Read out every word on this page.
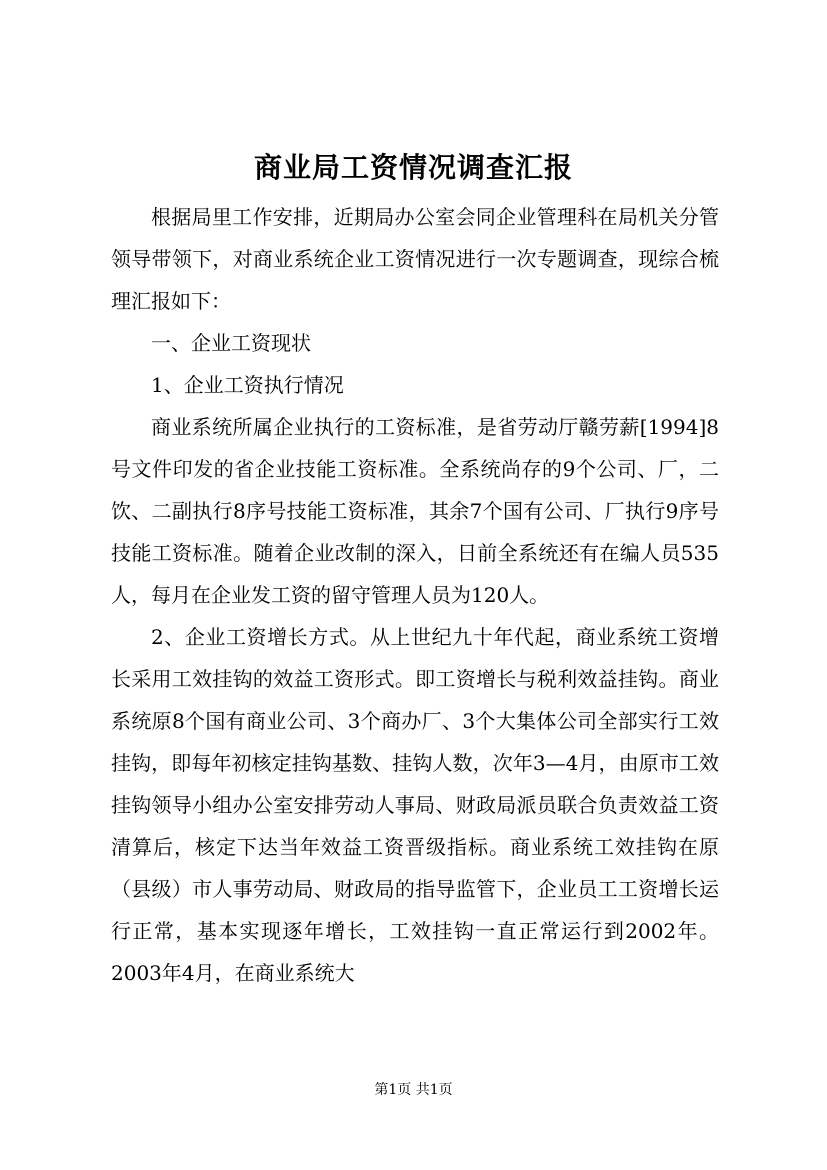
商业局工资情况调查汇报

根据局里工作安排，近期局办公室会同企业管理科在局机关分管领导带领下，对商业系统企业工资情况进行一次专题调查，现综合梳理汇报如下：

一、企业工资现状

1、企业工资执行情况

商业系统所属企业执行的工资标准，是省劳动厅赣劳薪[1994]8号文件印发的省企业技能工资标准。全系统尚存的9个公司、厂，二饮、二副执行8序号技能工资标准，其余7个国有公司、厂执行9序号技能工资标准。随着企业改制的深入，日前全系统还有在编人员535人，每月在企业发工资的留守管理人员为120人。

2、企业工资增长方式。从上世纪九十年代起，商业系统工资增长采用工效挂钩的效益工资形式。即工资增长与税利效益挂钩。商业系统原8个国有商业公司、3个商办厂、3个大集体公司全部实行工效挂钩，即每年初核定挂钩基数、挂钩人数，次年3—4月，由原市工效挂钩领导小组办公室安排劳动人事局、财政局派员联合负责效益工资清算后，核定下达当年效益工资晋级指标。商业系统工效挂钩在原（县级）市人事劳动局、财政局的指导监管下，企业员工工资增长运行正常，基本实现逐年增长，工效挂钩一直正常运行到2002年。2003年4月，在商业系统大

第1页 共1页
